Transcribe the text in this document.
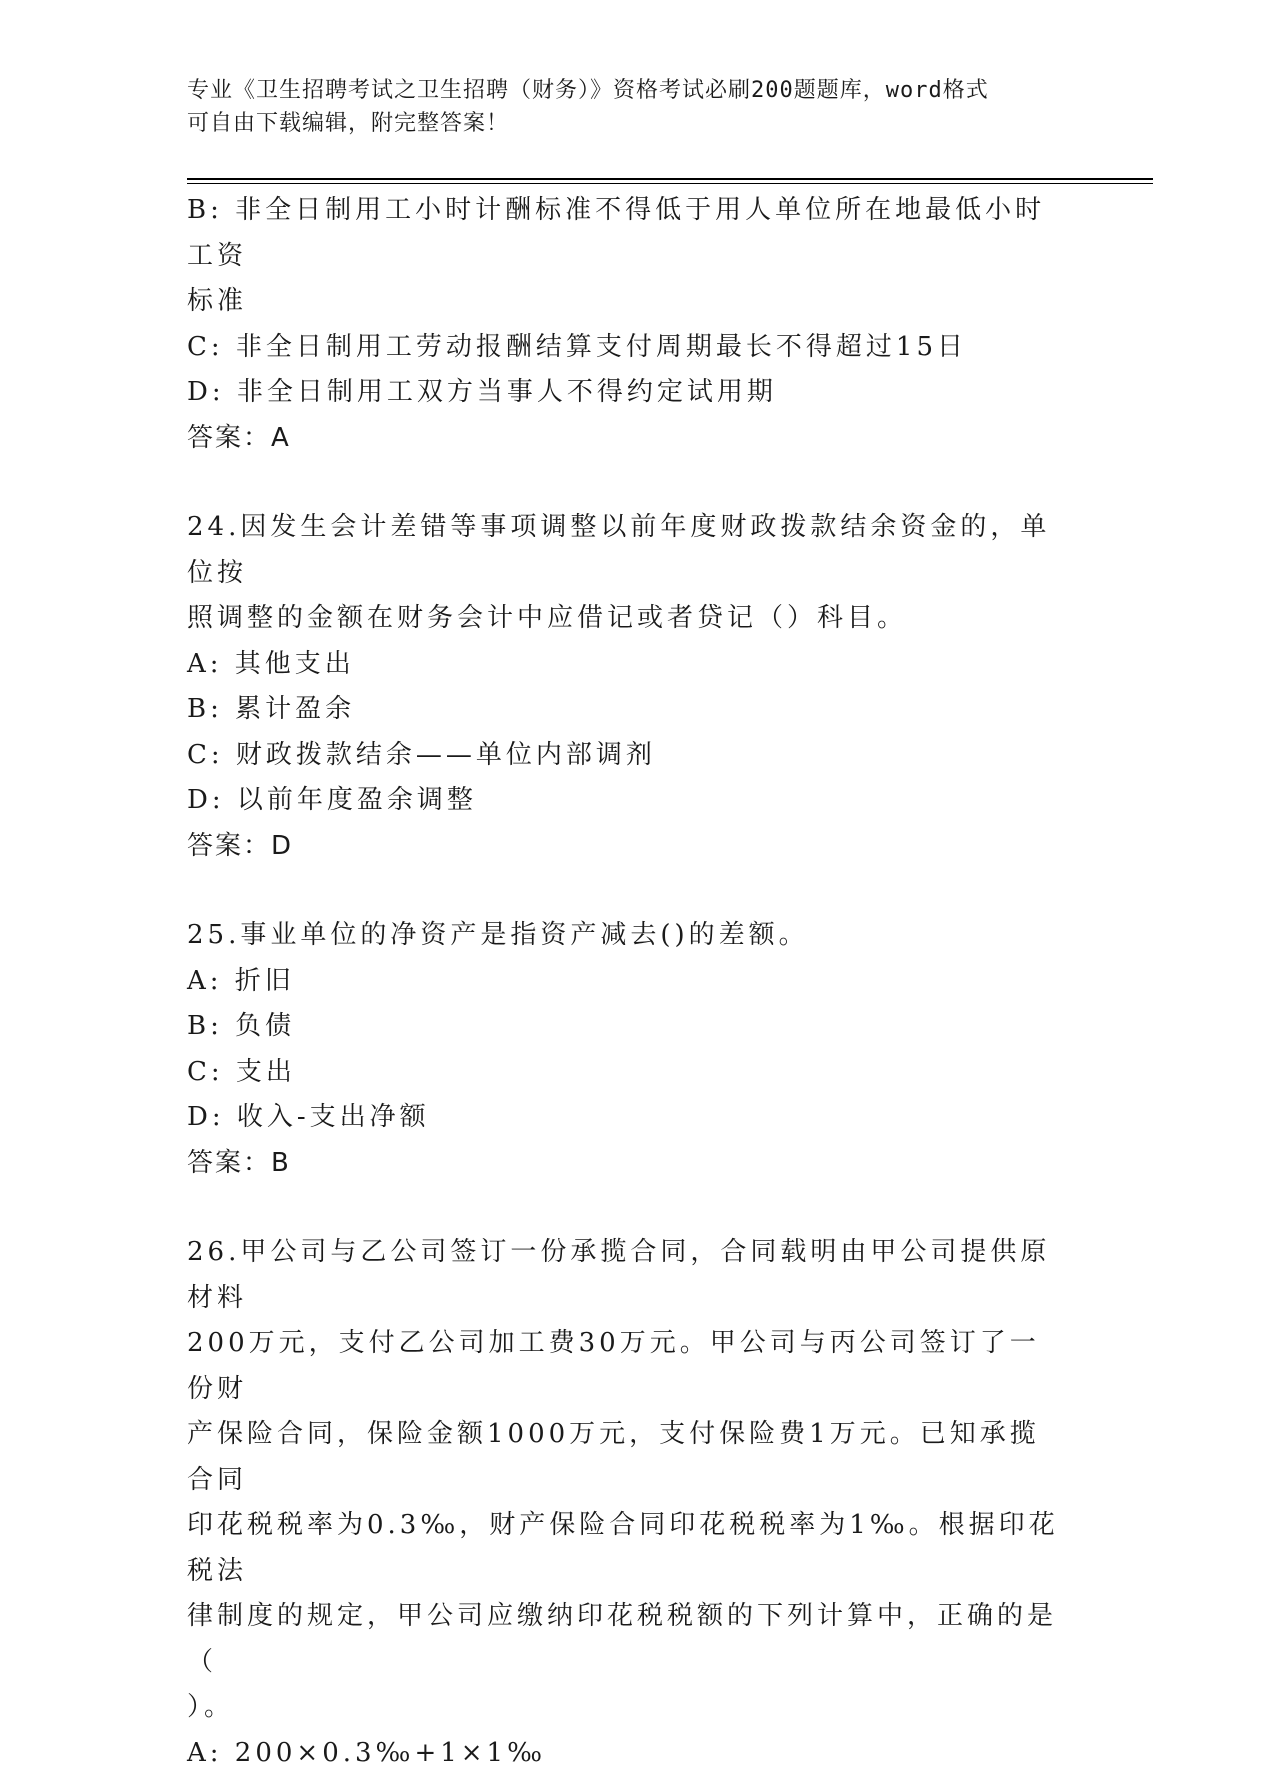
专业《卫生招聘考试之卫生招聘（财务）》资格考试必刷200题题库，word格式
可自由下载编辑，附完整答案！

B: 非全日制用工小时计酬标准不得低于用人单位所在地最低小时工资

标准

C: 非全日制用工劳动报酬结算支付周期最长不得超过15日

D: 非全日制用工双方当事人不得约定试用期

答案：A

24.因发生会计差错等事项调整以前年度财政拨款结余资金的，单位按

照调整的金额在财务会计中应借记或者贷记（）科目。

A: 其他支出

B: 累计盈余

C: 财政拨款结余——单位内部调剂

D: 以前年度盈余调整

答案：D

25.事业单位的净资产是指资产减去()的差额。

A: 折旧

B: 负债

C: 支出

D: 收入-支出净额

答案：B

26.甲公司与乙公司签订一份承揽合同，合同载明由甲公司提供原材料

200万元，支付乙公司加工费30万元。甲公司与丙公司签订了一份财

产保险合同，保险金额1000万元，支付保险费1万元。已知承揽合同

印花税税率为0.3‰，财产保险合同印花税税率为1‰。根据印花税法

律制度的规定，甲公司应缴纳印花税税额的下列计算中，正确的是（

）。

A: 200×0.3‰+1×1‰
